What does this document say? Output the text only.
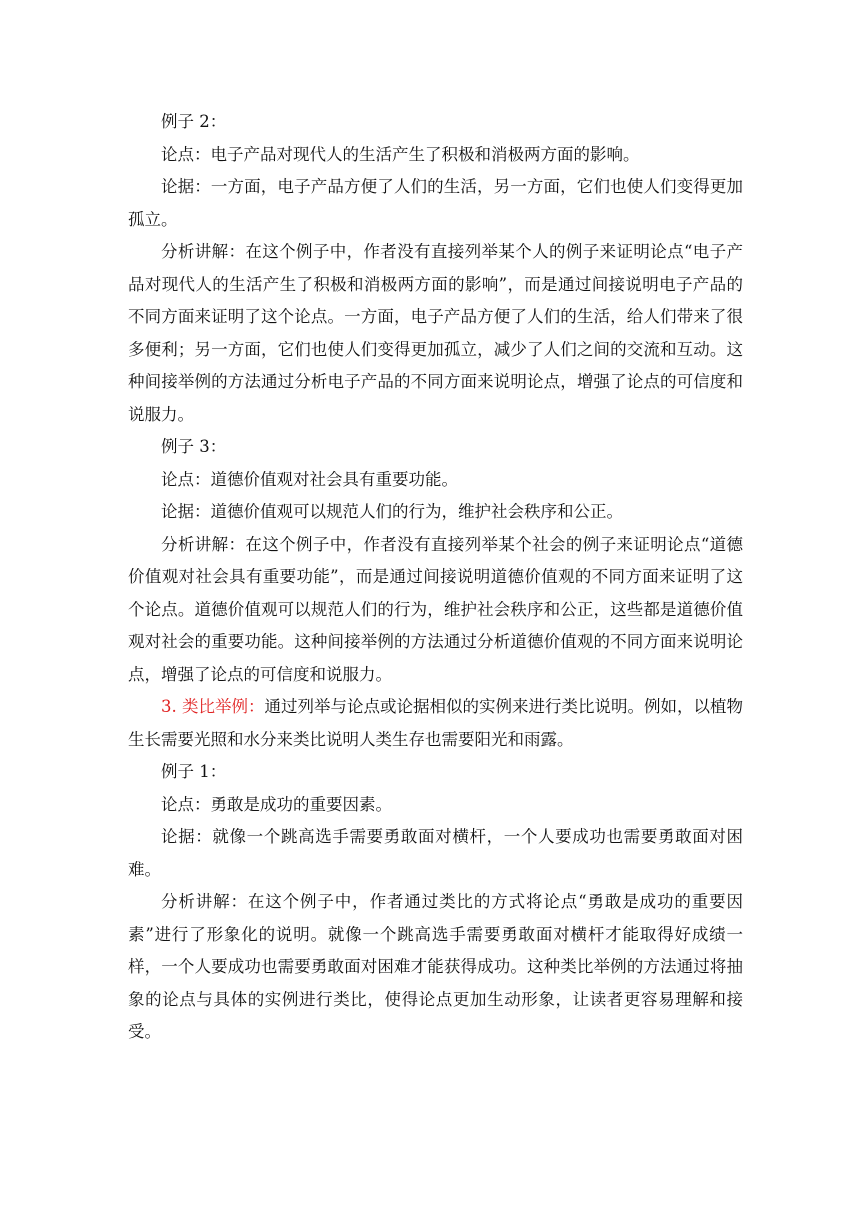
例子 2：

论点：电子产品对现代人的生活产生了积极和消极两方面的影响。

论据：一方面，电子产品方便了人们的生活，另一方面，它们也使人们变得更加孤立。

分析讲解：在这个例子中，作者没有直接列举某个人的例子来证明论点“电子产品对现代人的生活产生了积极和消极两方面的影响”，而是通过间接说明电子产品的不同方面来证明了这个论点。一方面，电子产品方便了人们的生活，给人们带来了很多便利；另一方面，它们也使人们变得更加孤立，减少了人们之间的交流和互动。这种间接举例的方法通过分析电子产品的不同方面来说明论点，增强了论点的可信度和说服力。

例子 3：

论点：道德价值观对社会具有重要功能。

论据：道德价值观可以规范人们的行为，维护社会秩序和公正。

分析讲解：在这个例子中，作者没有直接列举某个社会的例子来证明论点“道德价值观对社会具有重要功能”，而是通过间接说明道德价值观的不同方面来证明了这个论点。道德价值观可以规范人们的行为，维护社会秩序和公正，这些都是道德价值观对社会的重要功能。这种间接举例的方法通过分析道德价值观的不同方面来说明论点，增强了论点的可信度和说服力。

3. 类比举例：通过列举与论点或论据相似的实例来进行类比说明。例如，以植物生长需要光照和水分来类比说明人类生存也需要阳光和雨露。

例子 1：

论点：勇敢是成功的重要因素。

论据：就像一个跳高选手需要勇敢面对横杆，一个人要成功也需要勇敢面对困难。

分析讲解：在这个例子中，作者通过类比的方式将论点“勇敢是成功的重要因素”进行了形象化的说明。就像一个跳高选手需要勇敢面对横杆才能取得好成绩一样，一个人要成功也需要勇敢面对困难才能获得成功。这种类比举例的方法通过将抽象的论点与具体的实例进行类比，使得论点更加生动形象，让读者更容易理解和接受。
